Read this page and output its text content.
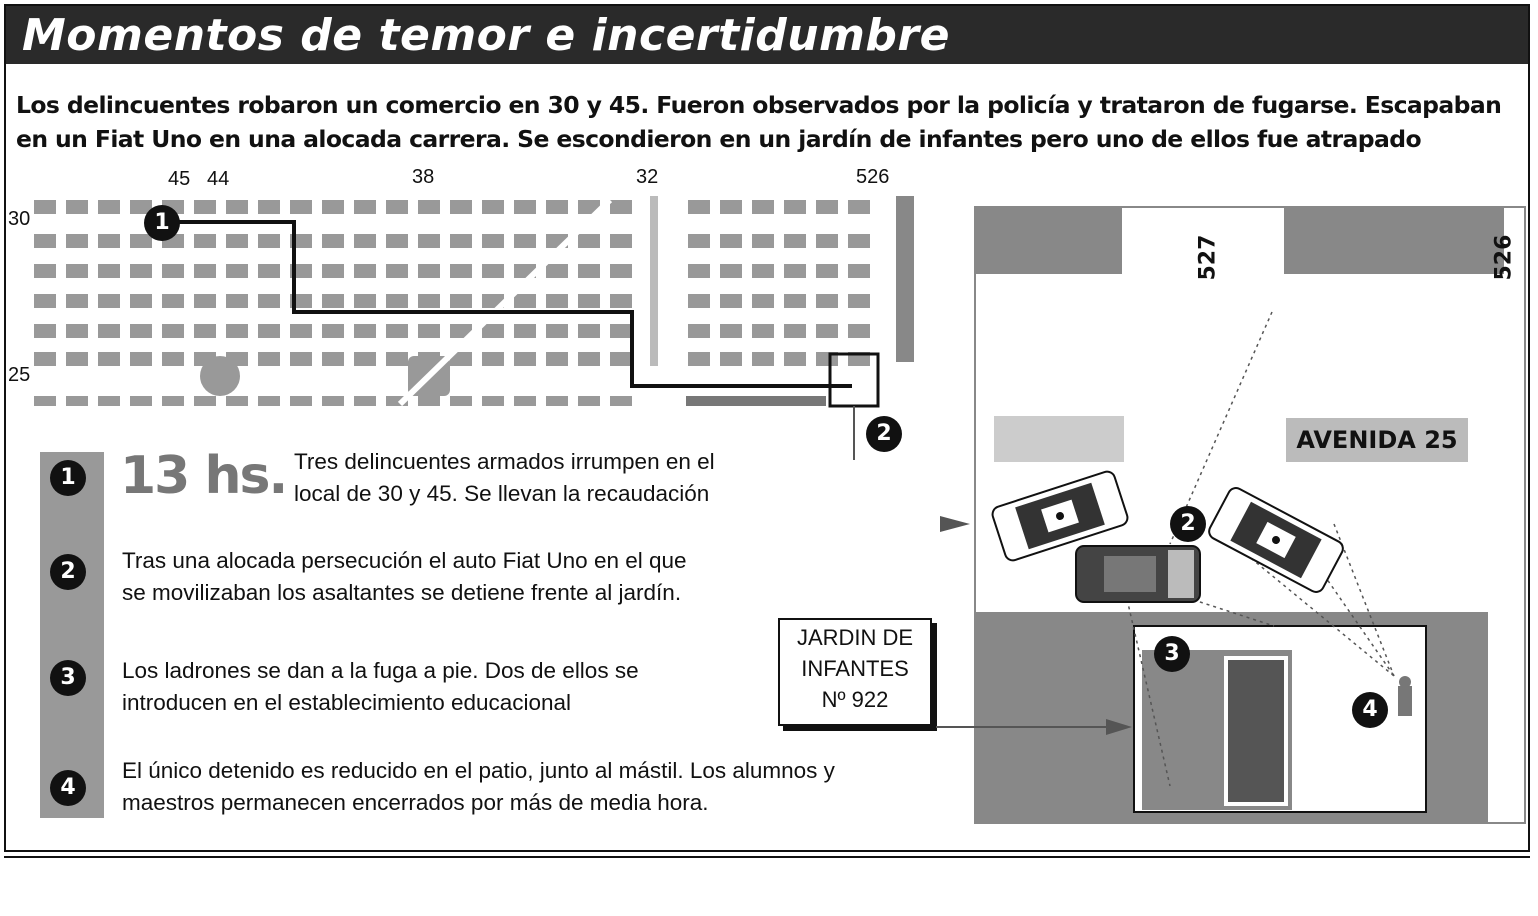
Momentos de temor e incertidumbre
Los delincuentes robaron un comercio en 30 y 45. Fueron observados por la policía y trataron de fugarse. Escapaban en un Fiat Uno en una alocada carrera. Se escondieron en un jardín de infantes pero uno de ellos fue atrapado
45 44	38	32	526
30
25
1
2
13 hs.
1
Tres delincuentes armados irrumpen en el
local de 30 y 45. Se llevan la recaudación
2	Tras una alocada persecución el auto Fiat Uno en el que
se movilizaban los asaltantes se detiene frente al jardín.
3	Los ladrones se dan a la fuga a pie. Dos de ellos se
introducen en el establecimiento educacional
4
El único detenido es reducido en el patio, junto al mástil. Los alumnos y
maestros permanecen encerrados por más de media hora.
527	526
AVENIDA 25
2
3
4
JARDIN DE
INFANTES
Nº 922
